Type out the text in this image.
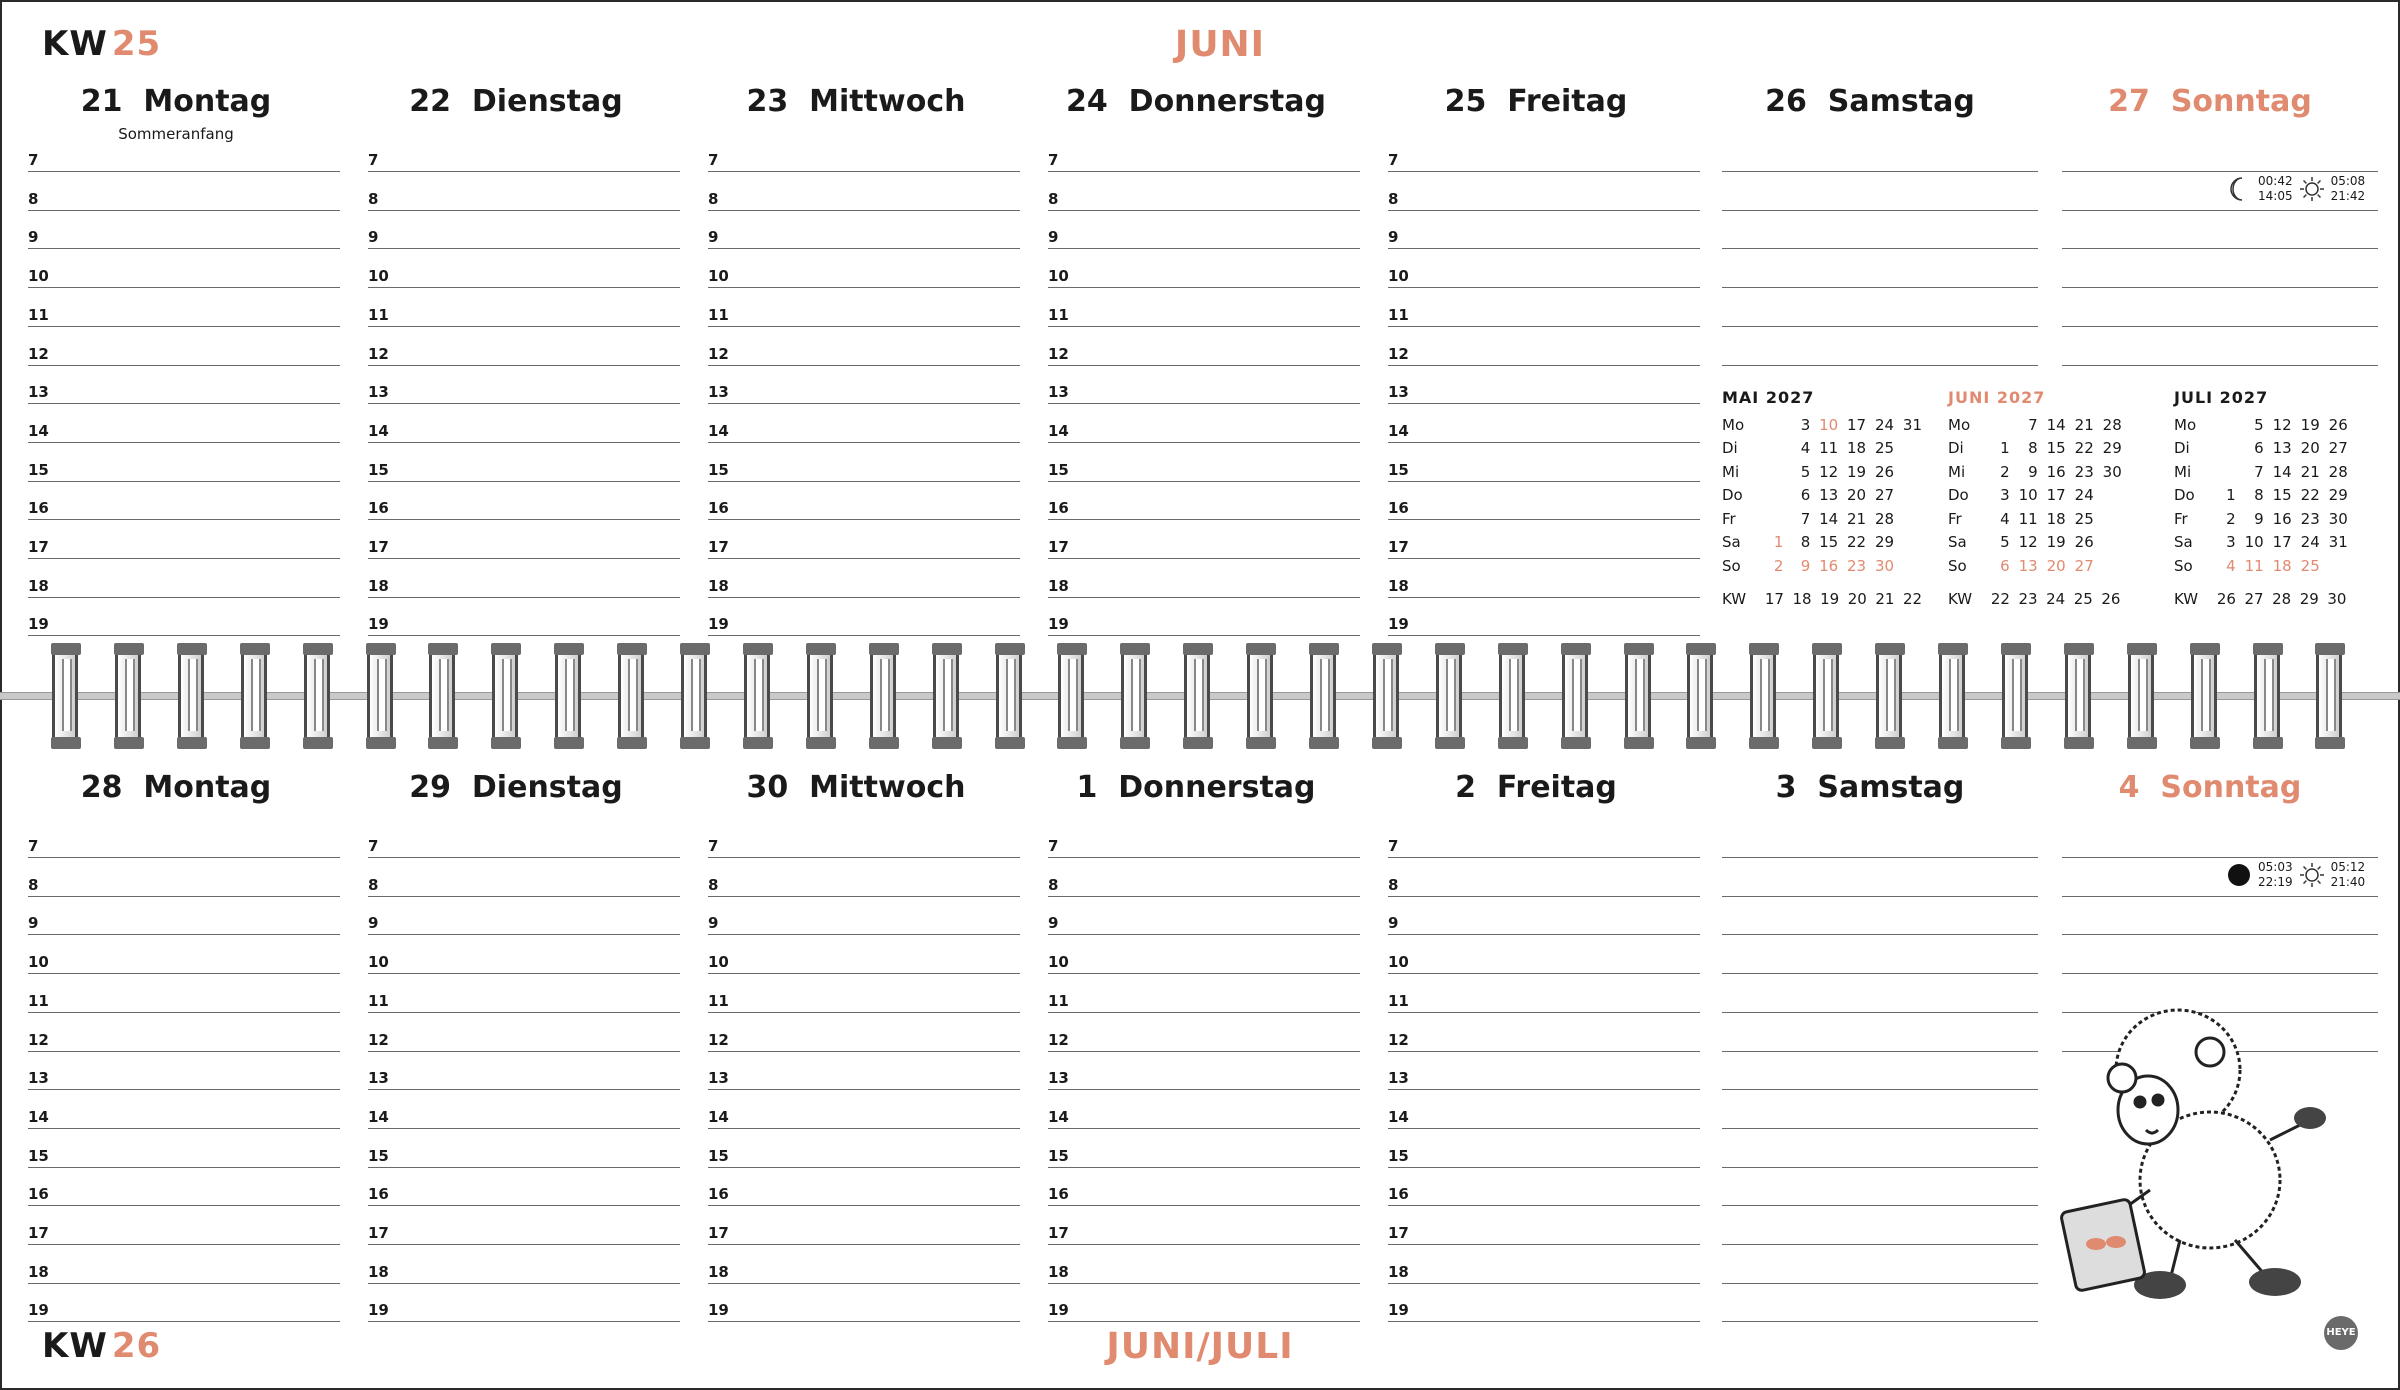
KW 25	JUNI
21 Montag
Sommeranfang
7
8
9
10
11
12
13
14
15
16
17
18
19
22 Dienstag
7
8
9
10
11
12
13
14
15
16
17
18
19
23 Mittwoch
7
8
9
10
11
12
13
14
15
16
17
18
19
24 Donnerstag
7
8
9
10
11
12
13
14
15
16
17
18
19
25 Freitag
7
8
9
10
11
12
13
14
15
16
17
18
19
26 Samstag	27 Sonntag
00:42
14:05
05:08
21:42
28 Montag
7
8
9
10
11
12
13
14
15
16
17
18
19
29 Dienstag
7
8
9
10
11
12
13
14
15
16
17
18
19
30 Mittwoch
7
8
9
10
11
12
13
14
15
16
17
18
19
1 Donnerstag
7
8
9
10
11
12
13
14
15
16
17
18
19
2 Freitag
7
8
9
10
11
12
13
14
15
16
17
18
19
3 Samstag	4 Sonntag
05:03
22:19
05:12
21:40
MAI 2027
Mo		3	10	17	24	31
Di		4	11	18	25	
Mi		5	12	19	26	
Do		6	13	20	27	
Fr		7	14	21	28	
Sa	1	8	15	22	29	
So	2	9	16	23	30	
KW	17 18 19 20 21 22
JUNI 2027
Mo		7	14	21	28	
Di	1	8	15	22	29	
Mi	2	9	16	23	30	
Do	3	10	17	24		
Fr	4	11	18	25		
Sa	5	12	19	26		
So	6	13	20	27		
KW	22 23 24 25 26
JULI 2027
Mo		5	12	19	26	
Di		6	13	20	27	
Mi		7	14	21	28	
Do	1	8	15	22	29	
Fr	2	9	16	23	30	
Sa	3	10	17	24	31	
So	4	11	18	25		
KW	26 27 28 29 30
HEYE
KW 26	JUNI/JULI
